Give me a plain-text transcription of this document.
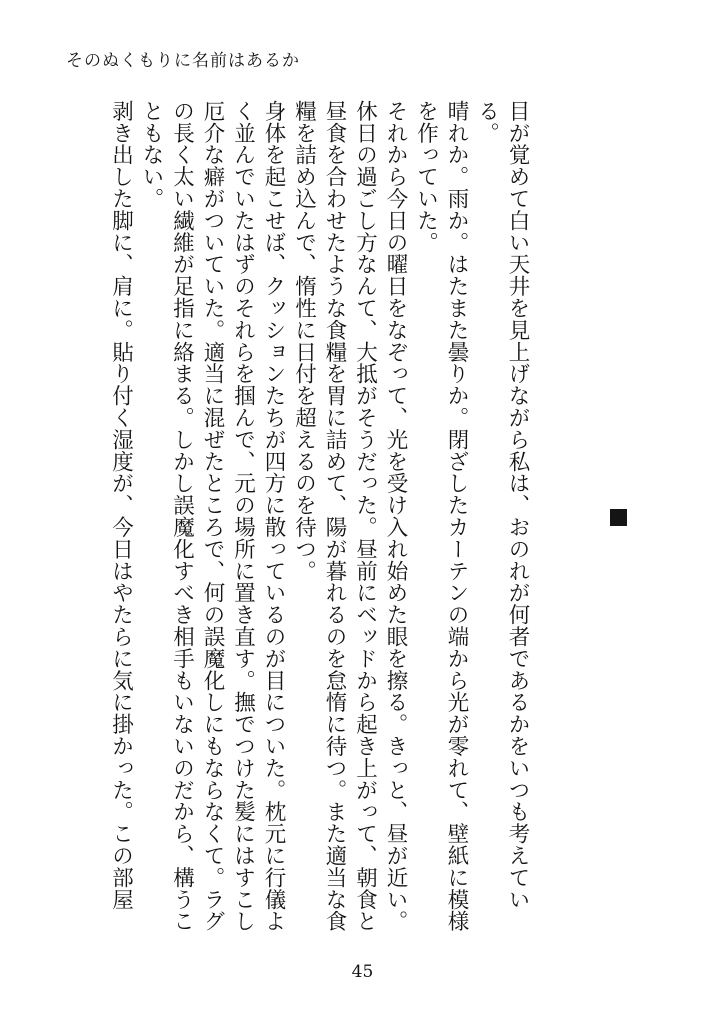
そのぬくもりに名前はあるか

目が覚めて白い天井を見上げながら私は、おのれが何者であるかをいつも考えている。

晴れか。雨か。はたまた曇りか。閉ざしたカーテンの端から光が零れて、壁紙に模様を作っていた。

それから今日の曜日をなぞって、光を受け入れ始めた眼を擦る。きっと、昼が近い。休日の過ごし方なんて、大抵がそうだった。昼前にベッドから起き上がって、朝食と昼食を合わせたような食糧を胃に詰めて、陽が暮れるのを怠惰に待つ。また適当な食糧を詰め込んで、惰性に日付を超えるのを待つ。

身体を起こせば、クッションたちが四方に散っているのが目についた。枕元に行儀よく並んでいたはずのそれらを掴んで、元の場所に置き直す。撫でつけた髪にはすこし厄介な癖がついていた。適当に混ぜたところで、何の誤魔化しにもならなくて。ラグの長く太い繊維が足指に絡まる。しかし誤魔化すべき相手もいないのだから、構うこともない。

剥き出した脚に、肩に。貼り付く湿度が、今日はやたらに気に掛かった。この部屋

45
